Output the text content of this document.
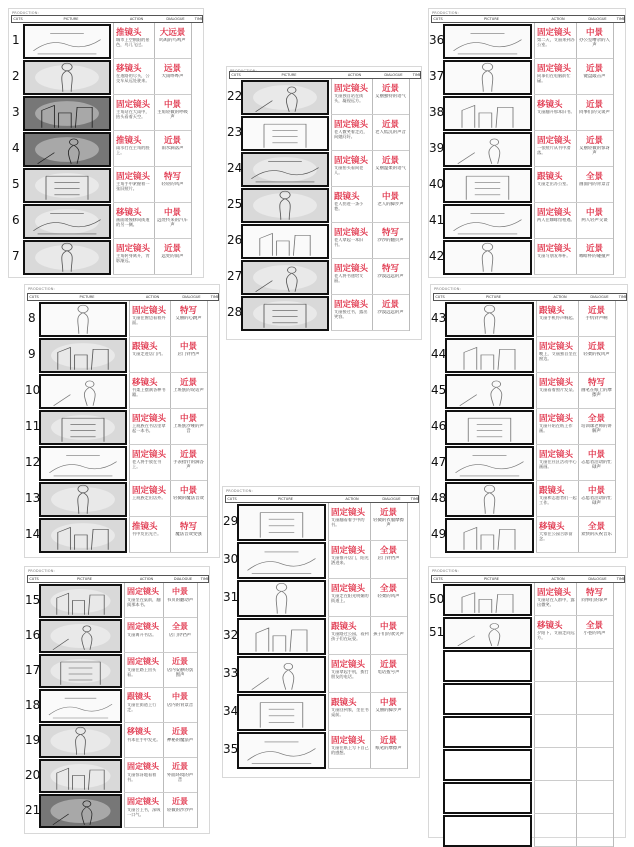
PRODUCTION:
CUTS	PICTURE	ACTION	DIALOGUE	TIME
1	推镜头
城市上空朝阳的景色，鸟儿飞过。
大远景
呜呜的鸟鸣声
2	移镜头
在道路的尽头，公交车从远处驶来。
远景
大雨哗哗声
3	固定镜头
主角站在大雨中，抬头看着天空。
中景
主角轻微的呼吸声
4	推镜头
雨水打在主角的脸上。
近景
雨水滴落声
5	固定镜头
主角手中紧握着一张旧照片。
特写
轻轻的风声
6	移镜头
画面缓慢移向街道的另一侧。
中景
远处传来的汽车声
7	固定镜头
主角转身离开，背影渐远。
近景
远处的雨声
PRODUCTION:
CUTS	PICTURE	ACTION	DIALOGUE	TIME
22	固定镜头
艾丽独自站在街头，凝视远方。
近景
艾丽独特的语气
23	固定镜头
老人微笑着走近，向她问好。
近景
老人低沉的声音
24	固定镜头
艾丽抬头看向老人。
近景
艾丽温柔的语气
25	跟镜头
老人拐进一条小巷。
中景
老人的脚步声
26	固定镜头
老人拿起一本旧书。
特写
沙沙的翻页声
27	固定镜头
老人将书递给艾丽。
特写
沙漠远远的声
28	固定镜头
艾丽接过书，露出笑容。
近景
沙漠远远的声
PRODUCTION:
CUTS	PICTURE	ACTION	DIALOGUE	TIME
36	固定镜头
第二天，艾丽来到办公室。
中景
办公室嘈杂的人声
37	固定镜头
同事们在电脑前忙碌。
近景
键盘敲击声
38	移镜头
艾丽翻开那本旧书。
近景
同事们的交谈声
39	固定镜头
一张照片从书中滑落。
近景
艾丽轻微的惊讶声
40	跟镜头
艾丽走出办公室。
全景
画面内的背景音
41	固定镜头
两人在咖啡馆相遇。
中景
两人轻声交谈
42	固定镜头
艾丽与朋友举杯。
近景
咖啡杯的碰撞声
PRODUCTION:
CUTS	PICTURE	ACTION	DIALOGUE	TIME
8	固定镜头
艾丽在窗边看着外面。
特写
艾丽的心跳声
9	跟镜头
艾丽走进店门内。
中景
店门铃铛声
10	移镜头
书架上摆满各种书籍。
近景
上班族的说话声
11	固定镜头
上班族在书店里拿起一本书。
中景
上班族沙哑的声音
12	固定镜头
老人将手放在书上。
近景
手表指针的滴答声
13	固定镜头
上班族走出店外。
中景
轻微的魔法音效
14	推镜头
书中发出光芒。
特写
魔法音效变强
PRODUCTION:
CUTS	PICTURE	ACTION	DIALOGUE	TIME
43	跟镜头
艾丽手机铃声响起。
近景
手机铃声响
44	固定镜头
晚上，艾丽独自坐在窗边。
近景
轻柔的夜风声
45	固定镜头
艾丽看着照片发呆。
特写
画笔在纸上的摩擦声
46	固定镜头
艾丽开始在纸上作画。
全景
培训课老师的讲解声
47	固定镜头
艾丽在社区活动中心画画。
中景
志愿者活动的忙碌声
48	跟镜头
艾丽和志愿者们一起工作。
中景
志愿者活动的忙碌声
49	移镜头
大家在公园合影留念。
全景
欢快的庆祝音乐
PRODUCTION:
CUTS	PICTURE	ACTION	DIALOGUE	TIME
15
固定镜头
艾丽坐在桌前，翻阅那本书。
中景
书页的翻动声
16
固定镜头
艾丽离开书店。
全景
店门铃铛声
17
固定镜头
艾丽在路上回头看。
近景
店内安静的氛围声
18
跟镜头
艾丽在街道上行走。
中景
店内的背景音
19
移镜头
书本在手中发光。
近景
神秘的魔法声
20
固定镜头
艾丽惊讶地看着书。
近景
外面环境的声音
21
固定镜头
艾丽合上书，深吸一口气。
近景
轻微的沙沙声
PRODUCTION:
CUTS	PICTURE	ACTION	DIALOGUE	TIME
29
固定镜头
艾丽翻看着手中的书。
近景
轻微的衣服摩擦声
30
固定镜头
艾丽推开店门，阳光洒进来。
全景
店门铃铛声
31
固定镜头
艾丽走在阳光明媚的街道上。
全景
轻柔的风声
32
跟镜头
艾丽路过公园，看到孩子们在玩耍。
中景
孩子们的欢笑声
33
固定镜头
艾丽拿起手机，拨打朋友的电话。
近景
电话拨号声
34
跟镜头
艾丽回到家，坐在书桌前。
中景
艾丽的脚步声
35
固定镜头
艾丽在纸上写下自己的感想。
近景
纸笔的摩擦声
PRODUCTION:
CUTS	PICTURE	ACTION	DIALOGUE	TIME
50	固定镜头
艾丽站在人群中，露出微笑。
特写
同事们的掌声
51	移镜头
夕阳下，艾丽走向远方。
全景
小巷的风声
